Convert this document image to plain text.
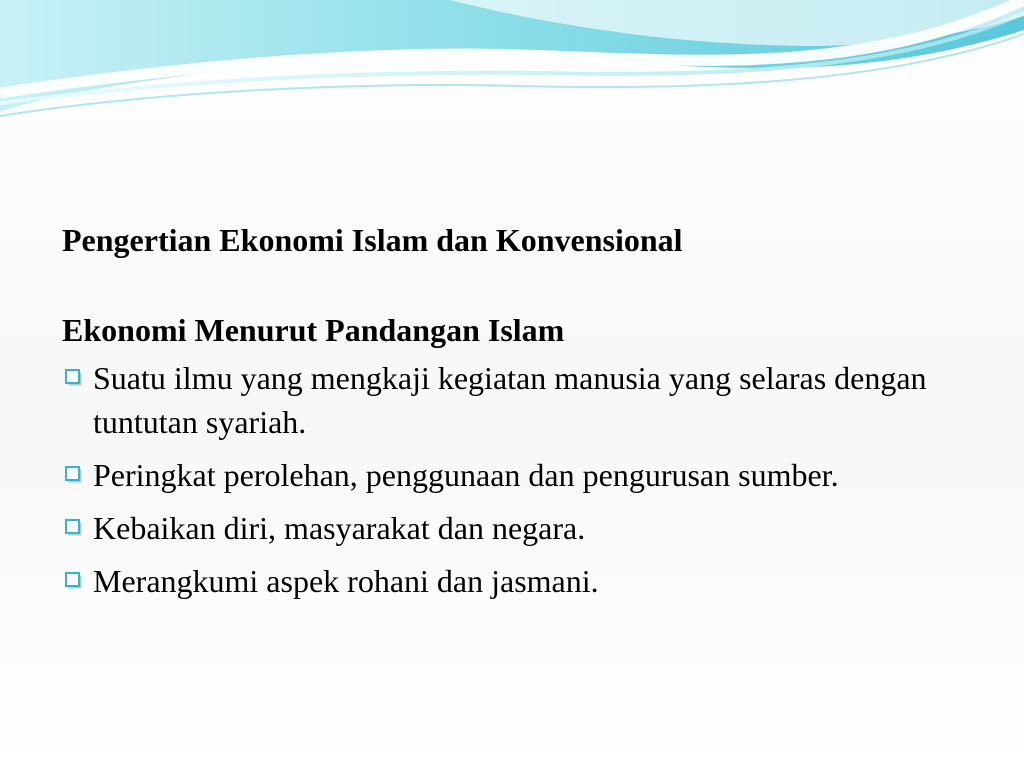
Pengertian Ekonomi Islam dan Konvensional
Ekonomi Menurut Pandangan Islam
Suatu ilmu yang mengkaji kegiatan manusia yang selaras dengan tuntutan syariah.
Peringkat perolehan, penggunaan dan pengurusan sumber.
Kebaikan diri, masyarakat dan negara.
Merangkumi aspek rohani dan jasmani.
